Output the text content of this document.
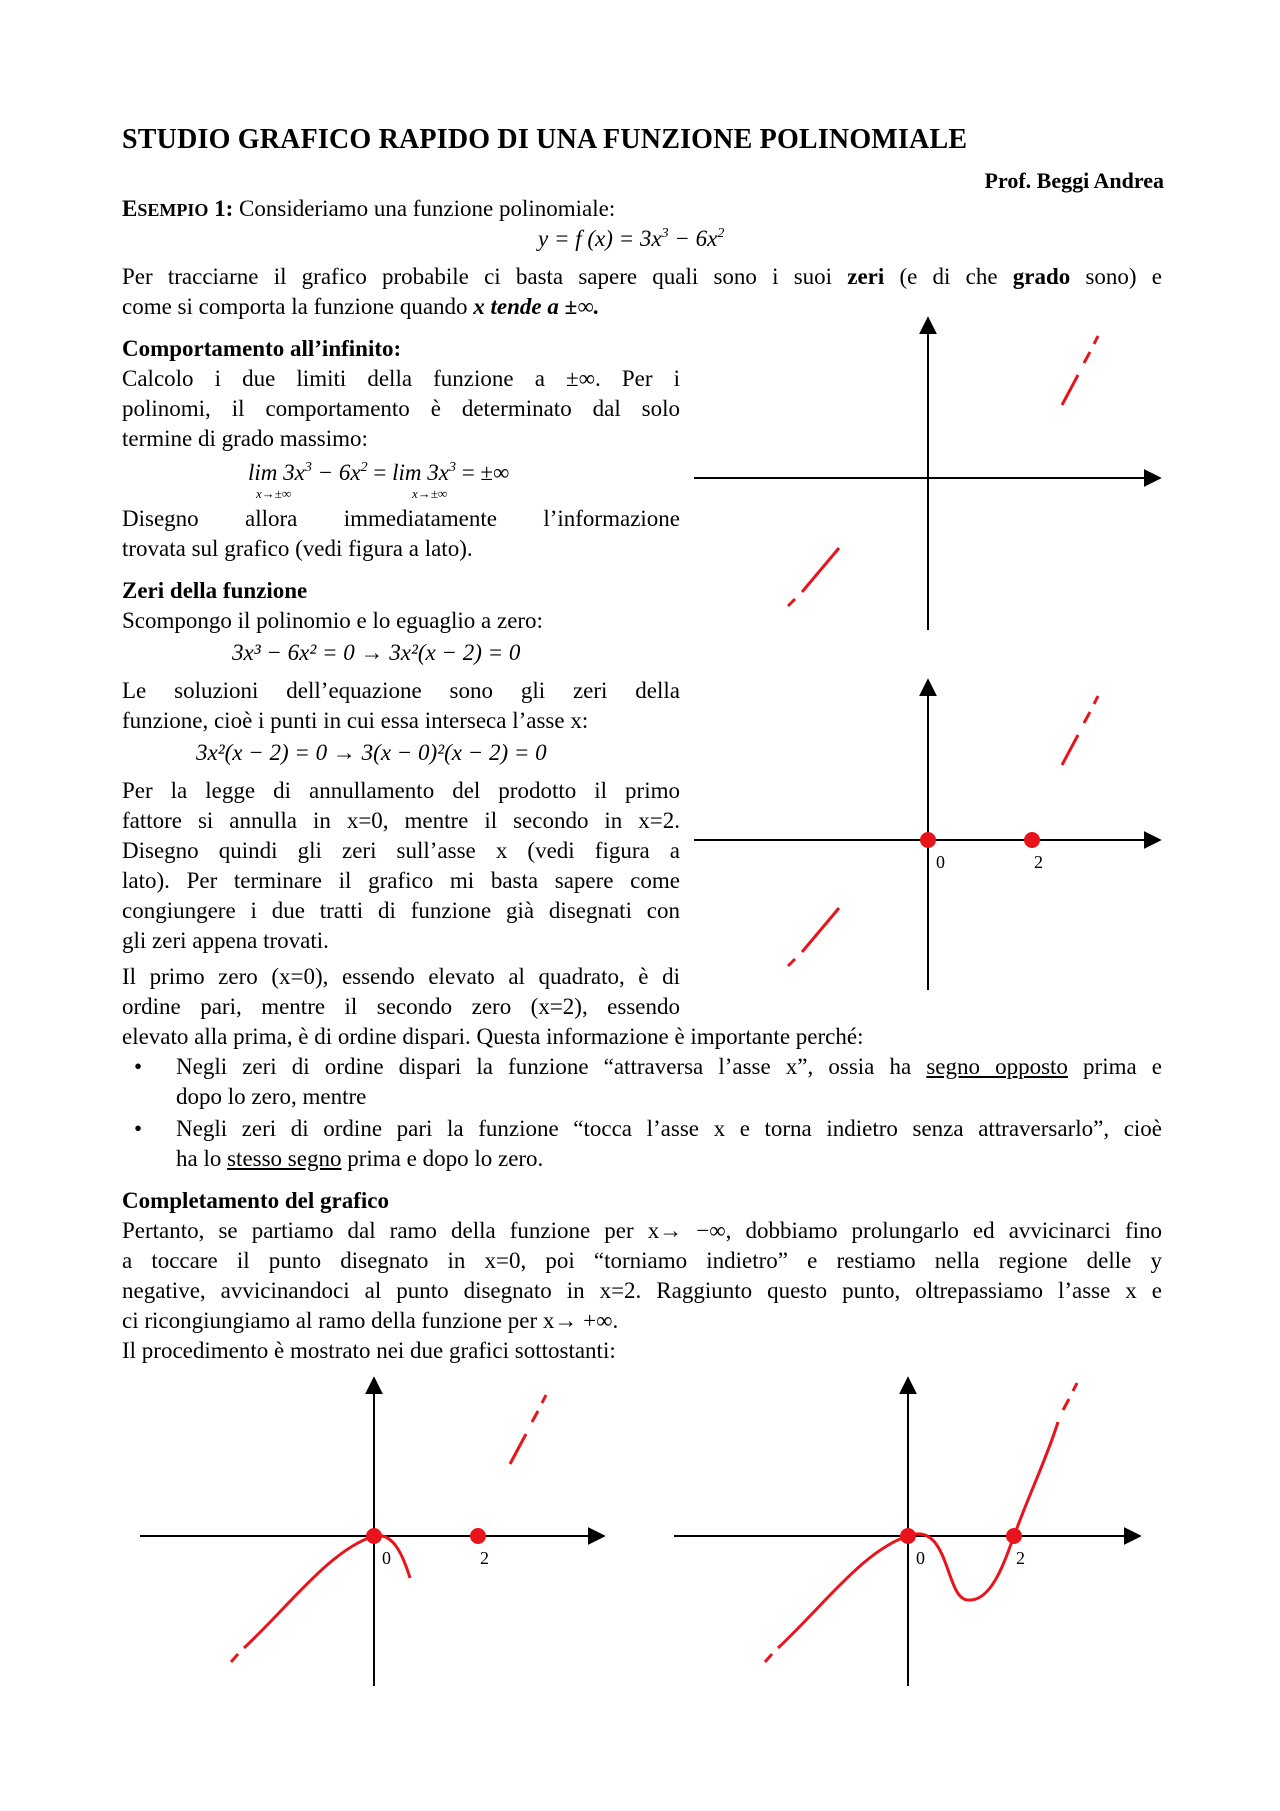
STUDIO GRAFICO RAPIDO DI UNA FUNZIONE POLINOMIALE
Prof. Beggi Andrea
ESEMPIO 1: Consideriamo una funzione polinomiale:
y = f $(x) = 3x^3 - 6x^2$
Per tracciarne il grafico probabile ci basta sapere quali sono i suoi zeri (e di che grado sono) e
come si comporta la funzione quando x tende a ±∞.
Comportamento all’infinito:
Calcolo i due limiti della funzione a ±∞. Per i
polinomi, il comportamento è determinato dal solo
termine di grado massimo:
$\lim 3x^3 - 6x^2 = \lim 3x^3$ = ±∞
x→±∞	x→±∞
Disegno allora immediatamente l’informazione
trovata sul grafico (vedi figura a lato).
Zeri della funzione
Scompongo il polinomio e lo eguaglio a zero:
3x³ − 6x² = 0 → 3x²(x − 2) = 0
Le soluzioni dell’equazione sono gli zeri della
funzione, cioè i punti in cui essa interseca l’asse x:
3x²(x − 2) = 0 → 3(x − 0)²(x − 2) = 0
Per la legge di annullamento del prodotto il primo
fattore si annulla in x=0, mentre il secondo in x=2.
Disegno quindi gli zeri sull’asse x (vedi figura a
lato). Per terminare il grafico mi basta sapere come
congiungere i due tratti di funzione già disegnati con
gli zeri appena trovati.
Il primo zero (x=0), essendo elevato al quadrato, è di
ordine pari, mentre il secondo zero (x=2), essendo
elevato alla prima, è di ordine dispari. Questa informazione è importante perché:
• Negli zeri di ordine dispari la funzione “attraversa l’asse x”, ossia ha segno opposto prima e
dopo lo zero, mentre
• Negli zeri di ordine pari la funzione “tocca l’asse x e torna indietro senza attraversarlo”, cioè
ha lo stesso segno prima e dopo lo zero.
Completamento del grafico
Pertanto, se partiamo dal ramo della funzione per x→ −∞, dobbiamo prolungarlo ed avvicinarci fino
a toccare il punto disegnato in x=0, poi “torniamo indietro” e restiamo nella regione delle y
negative, avvicinandoci al punto disegnato in x=2. Raggiunto questo punto, oltrepassiamo l’asse x e
ci ricongiungiamo al ramo della funzione per x→ +∞.
Il procedimento è mostrato nei due grafici sottostanti:
0	2
0	2	0	2
